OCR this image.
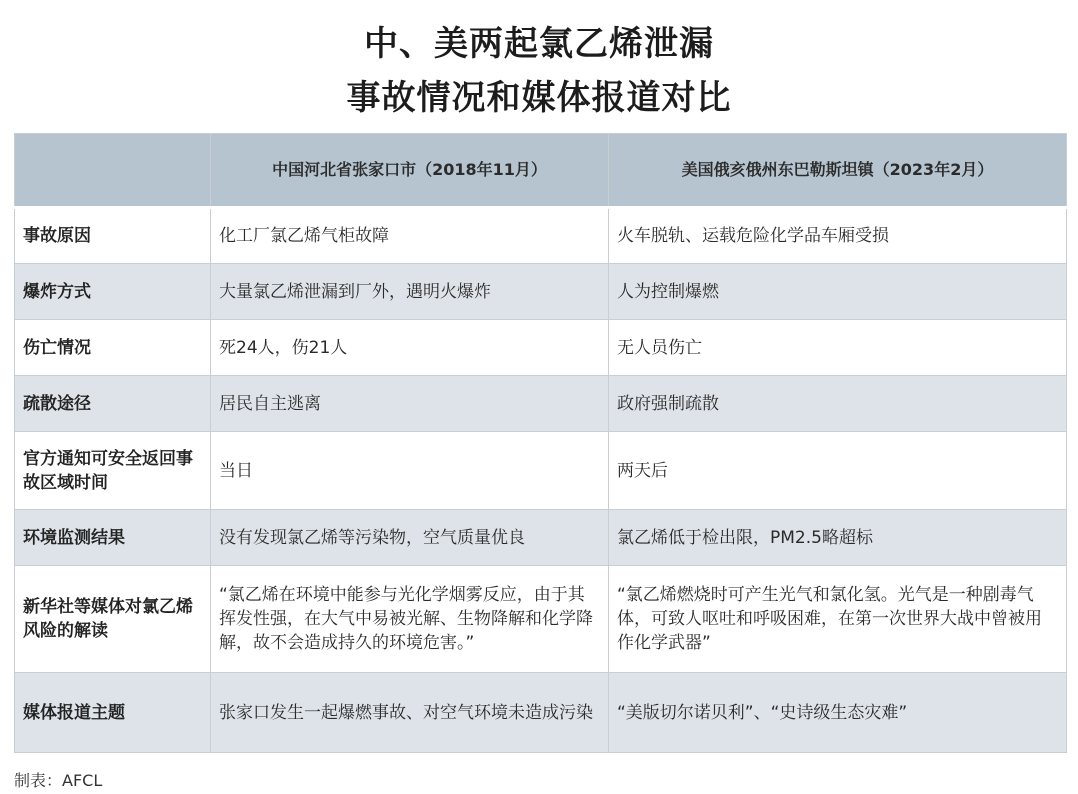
中、美两起氯乙烯泄漏
事故情况和媒体报道对比
	中国河北省张家口市（2018年11月）	美国俄亥俄州东巴勒斯坦镇（2023年2月）
事故原因	化工厂氯乙烯气柜故障	火车脱轨、运载危险化学品车厢受损
爆炸方式	大量氯乙烯泄漏到厂外，遇明火爆炸	人为控制爆燃
伤亡情况	死24人，伤21人	无人员伤亡
疏散途径	居民自主逃离	政府强制疏散
官方通知可安全返回事故区域时间	当日	两天后
环境监测结果	没有发现氯乙烯等污染物，空气质量优良	氯乙烯低于检出限，PM2.5略超标
新华社等媒体对氯乙烯风险的解读	“氯乙烯在环境中能参与光化学烟雾反应，由于其挥发性强，在大气中易被光解、生物降解和化学降解，故不会造成持久的环境危害。”	“氯乙烯燃烧时可产生光气和氯化氢。光气是一种剧毒气体，可致人呕吐和呼吸困难，在第一次世界大战中曾被用作化学武器”
媒体报道主题	张家口发生一起爆燃事故、对空气环境未造成污染	“美版切尔诺贝利”、“史诗级生态灾难”
制表：AFCL
